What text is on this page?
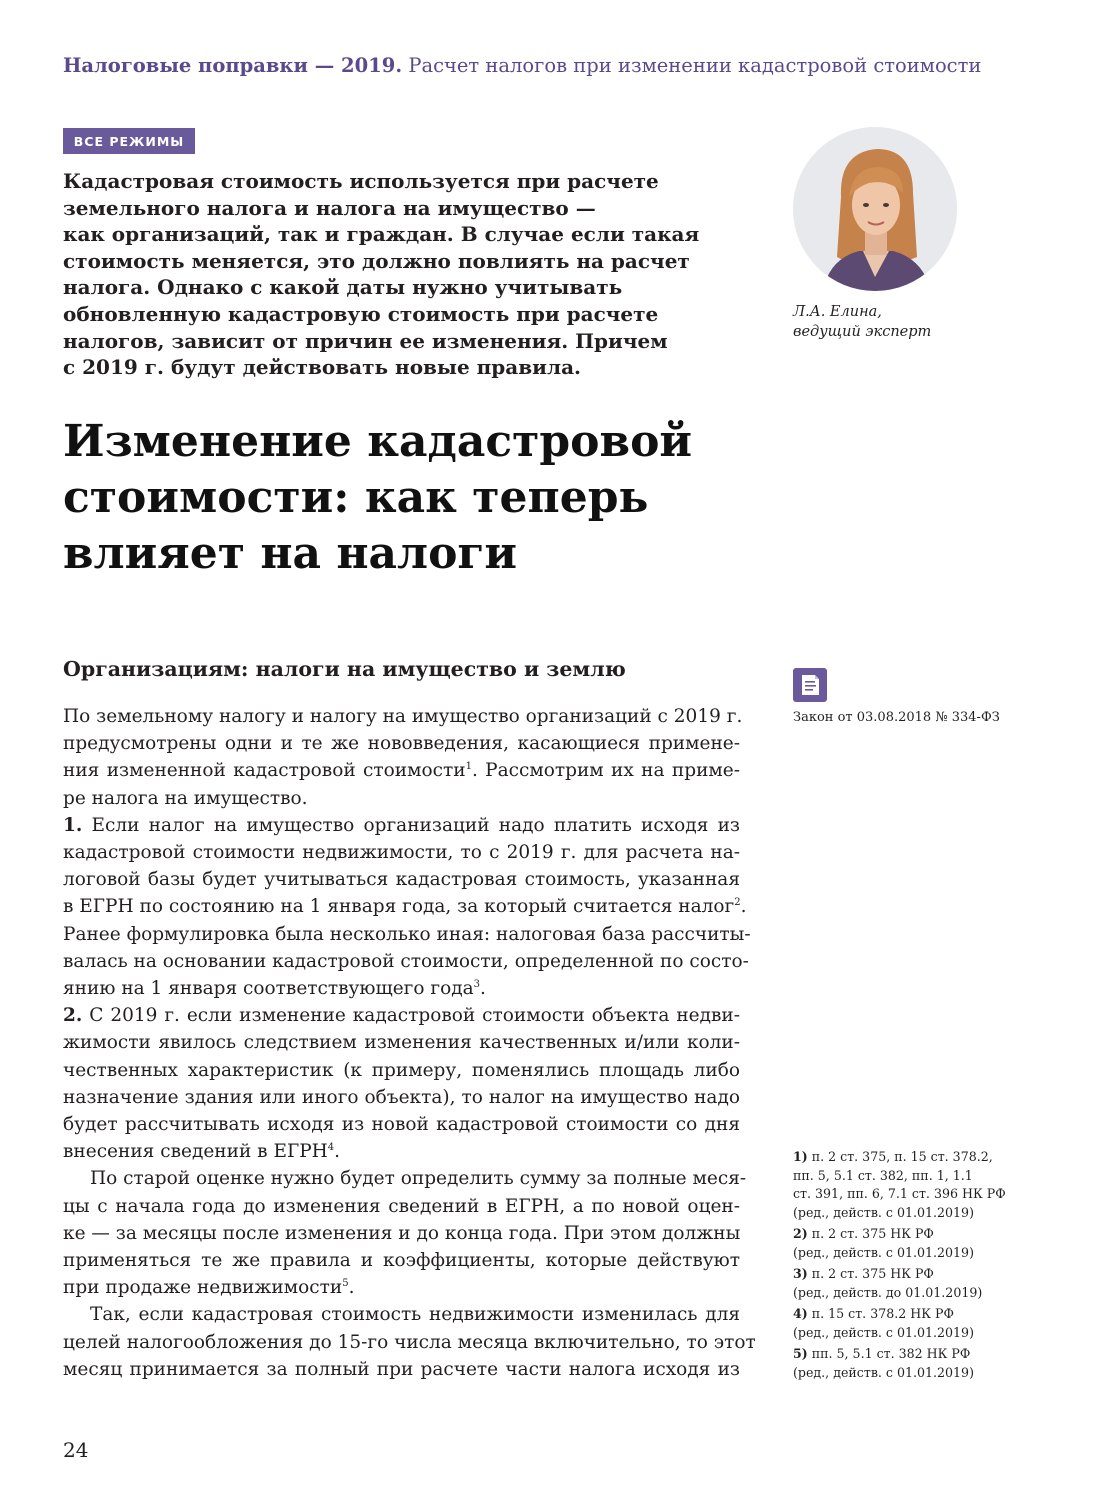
Налоговые поправки — 2019. Расчет налогов при изменении кадастровой стоимости
ВСЕ РЕЖИМЫ
Кадастровая стоимость используется при расчете
земельного налога и налога на имущество —
как организаций, так и граждан. В случае если такая
стоимость меняется, это должно повлиять на расчет
налога. Однако с какой даты нужно учитывать
обновленную кадастровую стоимость при расчете
налогов, зависит от причин ее изменения. Причем
с 2019 г. будут действовать новые правила.
Л.А. Елина,
ведущий эксперт
Изменение кадастровой
стоимости: как теперь
влияет на налоги
Организациям: налоги на имущество и землю
Закон от 03.08.2018 № 334-ФЗ
По земельному налогу и налогу на имущество организаций с 2019 г.
предусмотрены одни и те же нововведения, касающиеся примене-
ния измененной кадастровой стоимости$^1$. Рассмотрим их на приме-
ре налога на имущество.
1. Если налог на имущество организаций надо платить исходя из
кадастровой стоимости недвижимости, то с 2019 г. для расчета на-
логовой базы будет учитываться кадастровая стоимость, указанная
в ЕГРН по состоянию на 1 января года, за который считается налог$^2$.
Ранее формулировка была несколько иная: налоговая база рассчиты-
валась на основании кадастровой стоимости, определенной по состо-
янию на 1 января соответствующего года$^3$.
2. С 2019 г. если изменение кадастровой стоимости объекта недви-
жимости явилось следствием изменения качественных и/или коли-
чественных характеристик (к примеру, поменялись площадь либо
назначение здания или иного объекта), то налог на имущество надо
будет рассчитывать исходя из новой кадастровой стоимости со дня
внесения сведений в ЕГРН$^4$.
По старой оценке нужно будет определить сумму за полные меся-
цы с начала года до изменения сведений в ЕГРН, а по новой оцен-
ке — за месяцы после изменения и до конца года. При этом должны
применяться те же правила и коэффициенты, которые действуют
при продаже недвижимости$^5$.
Так, если кадастровая стоимость недвижимости изменилась для
целей налогообложения до 15-го числа месяца включительно, то этот
месяц принимается за полный при расчете части налога исходя из
1) п. 2 ст. 375, п. 15 ст. 378.2,
пп. 5, 5.1 ст. 382, пп. 1, 1.1
ст. 391, пп. 6, 7.1 ст. 396 НК РФ
(ред., действ. с 01.01.2019)
2) п. 2 ст. 375 НК РФ
(ред., действ. с 01.01.2019)
3) п. 2 ст. 375 НК РФ
(ред., действ. до 01.01.2019)
4) п. 15 ст. 378.2 НК РФ
(ред., действ. с 01.01.2019)
5) пп. 5, 5.1 ст. 382 НК РФ
(ред., действ. с 01.01.2019)
24
